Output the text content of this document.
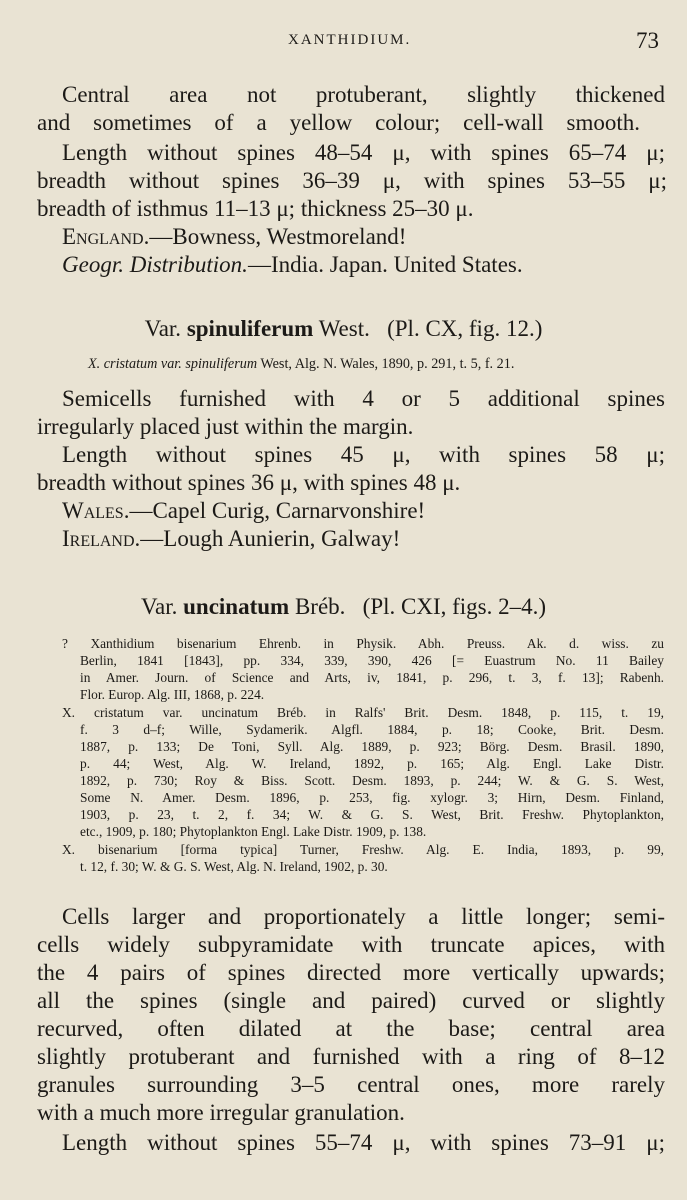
XANTHIDIUM.	73
Central area not protuberant, slightly thickened
and sometimes of a yellow colour; cell-wall smooth.
Length without spines 48–54 μ, with spines 65–74 μ;
breadth without spines 36–39 μ, with spines 53–55 μ;
breadth of isthmus 11–13 μ; thickness 25–30 μ.
England.—Bowness, Westmoreland!
Geogr. Distribution.—India. Japan. United States.
Var. spinuliferum West. (Pl. CX, fig. 12.)
X. cristatum var. spinuliferum West, Alg. N. Wales, 1890, p. 291, t. 5, f. 21.
Semicells furnished with 4 or 5 additional spines
irregularly placed just within the margin.
Length without spines 45 μ, with spines 58 μ;
breadth without spines 36 μ, with spines 48 μ.
Wales.—Capel Curig, Carnarvonshire!
Ireland.—Lough Aunierin, Galway!
Var. uncinatum Bréb. (Pl. CXI, figs. 2–4.)
? Xanthidium bisenarium Ehrenb. in Physik. Abh. Preuss. Ak. d. wiss. zu
Berlin, 1841 [1843], pp. 334, 339, 390, 426 [= Euastrum No. 11 Bailey
in Amer. Journ. of Science and Arts, iv, 1841, p. 296, t. 3, f. 13]; Rabenh.
Flor. Europ. Alg. III, 1868, p. 224.
X. cristatum var. uncinatum Bréb. in Ralfs' Brit. Desm. 1848, p. 115, t. 19,
f. 3 d–f; Wille, Sydamerik. Algfl. 1884, p. 18; Cooke, Brit. Desm.
1887, p. 133; De Toni, Syll. Alg. 1889, p. 923; Börg. Desm. Brasil. 1890,
p. 44; West, Alg. W. Ireland, 1892, p. 165; Alg. Engl. Lake Distr.
1892, p. 730; Roy & Biss. Scott. Desm. 1893, p. 244; W. & G. S. West,
Some N. Amer. Desm. 1896, p. 253, fig. xylogr. 3; Hirn, Desm. Finland,
1903, p. 23, t. 2, f. 34; W. & G. S. West, Brit. Freshw. Phytoplankton,
etc., 1909, p. 180; Phytoplankton Engl. Lake Distr. 1909, p. 138.
X. bisenarium [forma typica] Turner, Freshw. Alg. E. India, 1893, p. 99,
t. 12, f. 30; W. & G. S. West, Alg. N. Ireland, 1902, p. 30.
Cells larger and proportionately a little longer; semi-
cells widely subpyramidate with truncate apices, with
the 4 pairs of spines directed more vertically upwards;
all the spines (single and paired) curved or slightly
recurved, often dilated at the base; central area
slightly protuberant and furnished with a ring of 8–12
granules surrounding 3–5 central ones, more rarely
with a much more irregular granulation.
Length without spines 55–74 μ, with spines 73–91 μ;
